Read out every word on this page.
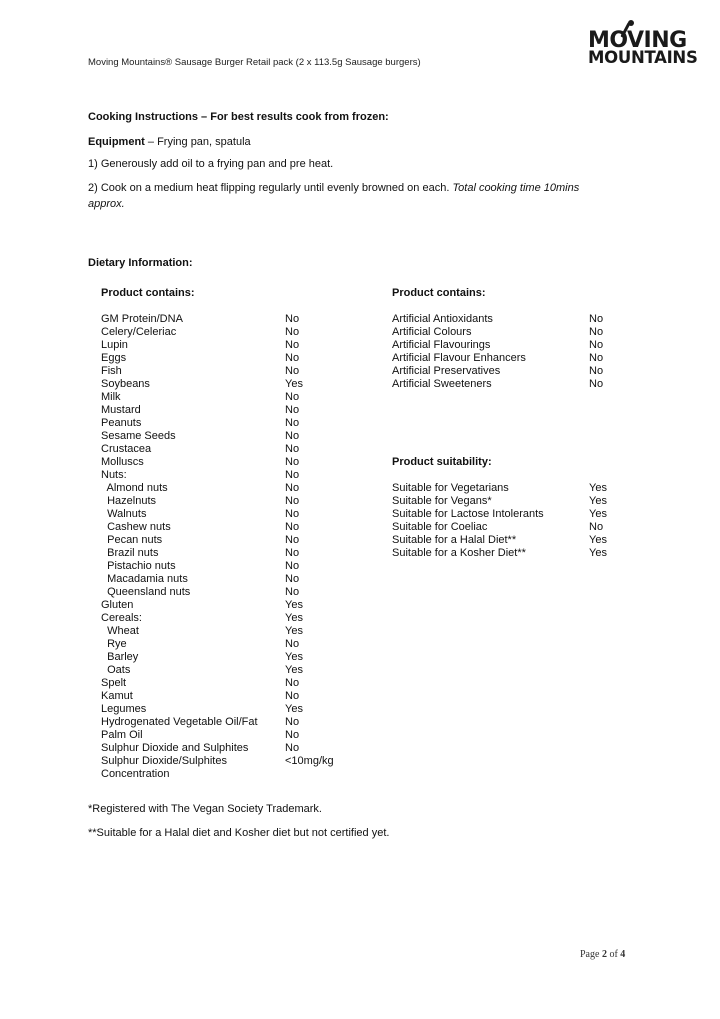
Moving Mountains® Sausage Burger Retail pack (2 x 113.5g Sausage burgers)
MOVING
MOUNTAINS
Cooking Instructions – For best results cook from frozen:
Equipment – Frying pan, spatula
1) Generously add oil to a frying pan and pre heat.
2) Cook on a medium heat flipping regularly until evenly browned on each. Total cooking time 10mins
approx.
Dietary Information:
Product contains:	Product contains:
GM Protein/DNA	No
Celery/Celeriac	No
Lupin	No
Eggs	No
Fish	No
Soybeans	Yes
Milk	No
Mustard	No
Peanuts	No
Sesame Seeds	No
Crustacea	No
Molluscs	No
Nuts:	No
Almond nuts	No
Hazelnuts	No
Walnuts	No
Cashew nuts	No
Pecan nuts	No
Brazil nuts	No
Pistachio nuts	No
Macadamia nuts	No
Queensland nuts	No
Gluten	Yes
Cereals:	Yes
Wheat	Yes
Rye	No
Barley	Yes
Oats	Yes
Spelt	No
Kamut	No
Legumes	Yes
Hydrogenated Vegetable Oil/Fat No
Palm Oil	No
Sulphur Dioxide and Sulphites	No
Sulphur Dioxide/Sulphites	<10mg/kg
Concentration
Artificial Antioxidants	No
Artificial Colours	No
Artificial Flavourings	No
Artificial Flavour Enhancers	No
Artificial Preservatives	No
Artificial Sweeteners	No
Product suitability:
Suitable for Vegetarians	Yes
Suitable for Vegans*	Yes
Suitable for Lactose Intolerants	Yes
Suitable for Coeliac	No
Suitable for a Halal Diet**	Yes
Suitable for a Kosher Diet**	Yes
*Registered with The Vegan Society Trademark.
**Suitable for a Halal diet and Kosher diet but not certified yet.
Page 2 of 4
